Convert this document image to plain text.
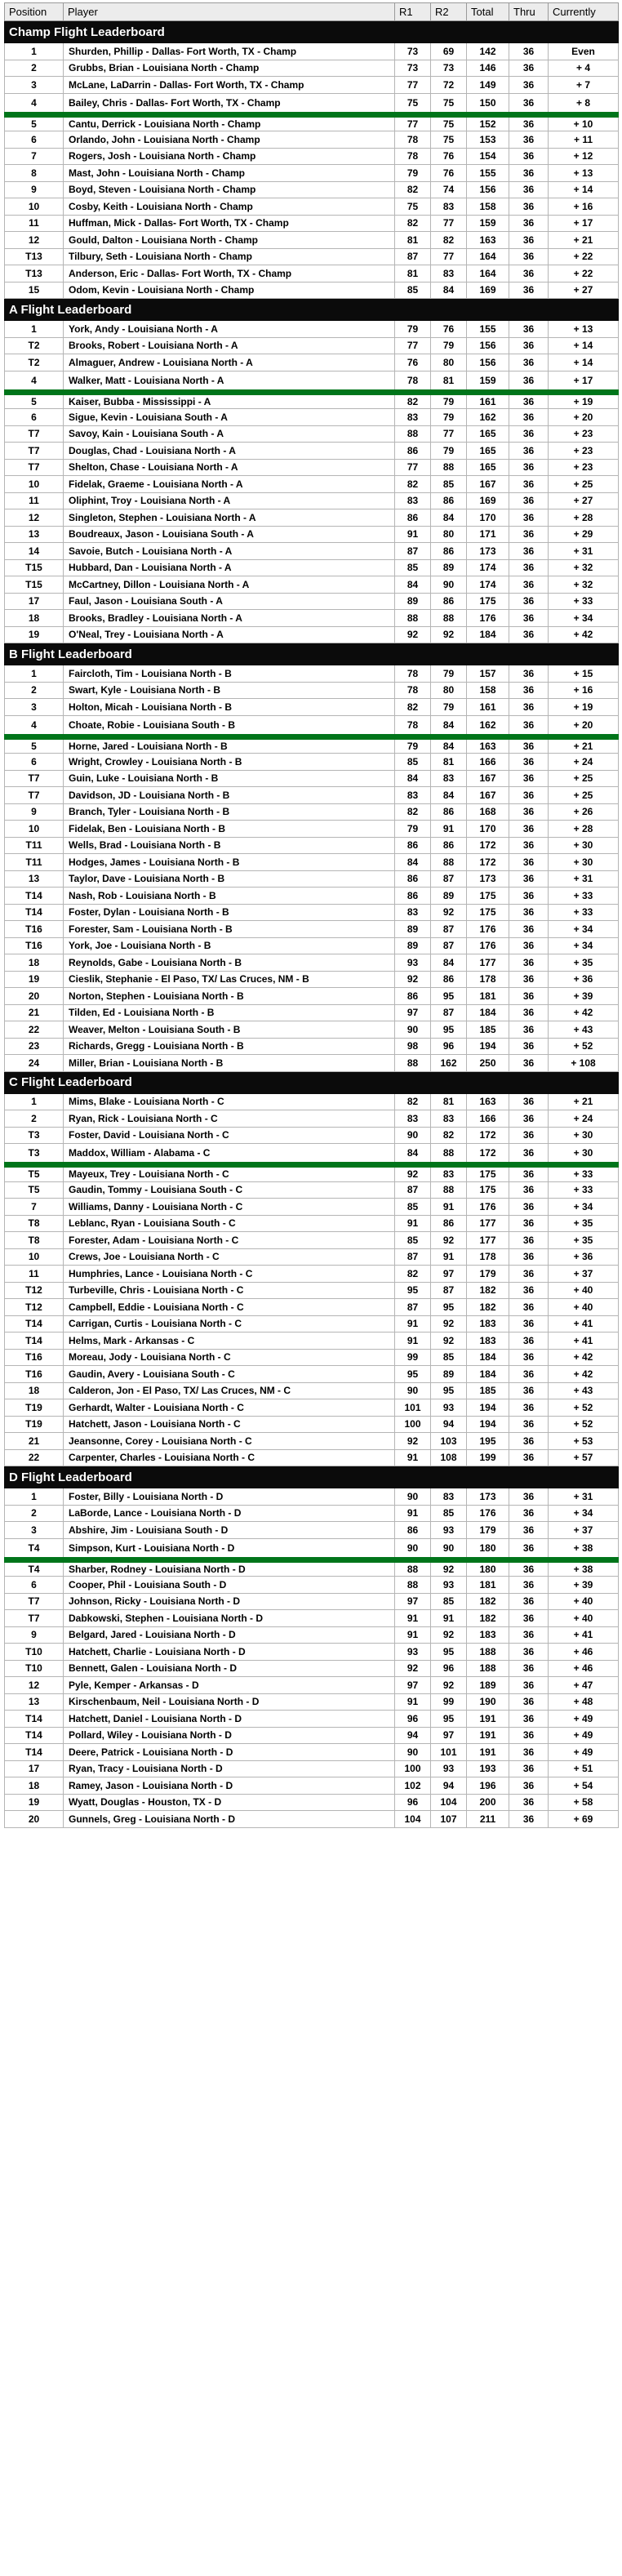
Position	Player	R1	R2	Total	Thru	Currently
Champ Flight Leaderboard						
1	Shurden, Phillip - Dallas- Fort Worth, TX - Champ	73	69	142	36	Even
2	Grubbs, Brian - Louisiana North - Champ	73	73	146	36	+ 4
3	McLane, LaDarrin - Dallas- Fort Worth, TX - Champ	77	72	149	36	+ 7
4	Bailey, Chris - Dallas- Fort Worth, TX - Champ	75	75	150	36	+ 8
5	Cantu, Derrick - Louisiana North - Champ	77	75	152	36	+ 10
6	Orlando, John - Louisiana North - Champ	78	75	153	36	+ 11
7	Rogers, Josh - Louisiana North - Champ	78	76	154	36	+ 12
8	Mast, John - Louisiana North - Champ	79	76	155	36	+ 13
9	Boyd, Steven - Louisiana North - Champ	82	74	156	36	+ 14
10	Cosby, Keith - Louisiana North - Champ	75	83	158	36	+ 16
11	Huffman, Mick - Dallas- Fort Worth, TX - Champ	82	77	159	36	+ 17
12	Gould, Dalton - Louisiana North - Champ	81	82	163	36	+ 21
T13	Tilbury, Seth - Louisiana North - Champ	87	77	164	36	+ 22
T13	Anderson, Eric - Dallas- Fort Worth, TX - Champ	81	83	164	36	+ 22
15	Odom, Kevin - Louisiana North - Champ	85	84	169	36	+ 27
A Flight Leaderboard						
1	York, Andy - Louisiana North - A	79	76	155	36	+ 13
T2	Brooks, Robert - Louisiana North - A	77	79	156	36	+ 14
T2	Almaguer, Andrew - Louisiana North - A	76	80	156	36	+ 14
4	Walker, Matt - Louisiana North - A	78	81	159	36	+ 17
5	Kaiser, Bubba - Mississippi - A	82	79	161	36	+ 19
6	Sigue, Kevin - Louisiana South - A	83	79	162	36	+ 20
T7	Savoy, Kain - Louisiana South - A	88	77	165	36	+ 23
T7	Douglas, Chad - Louisiana North - A	86	79	165	36	+ 23
T7	Shelton, Chase - Louisiana North - A	77	88	165	36	+ 23
10	Fidelak, Graeme - Louisiana North - A	82	85	167	36	+ 25
11	Oliphint, Troy - Louisiana North - A	83	86	169	36	+ 27
12	Singleton, Stephen - Louisiana North - A	86	84	170	36	+ 28
13	Boudreaux, Jason - Louisiana South - A	91	80	171	36	+ 29
14	Savoie, Butch - Louisiana North - A	87	86	173	36	+ 31
T15	Hubbard, Dan - Louisiana North - A	85	89	174	36	+ 32
T15	McCartney, Dillon - Louisiana North - A	84	90	174	36	+ 32
17	Faul, Jason - Louisiana South - A	89	86	175	36	+ 33
18	Brooks, Bradley - Louisiana North - A	88	88	176	36	+ 34
19	O'Neal, Trey - Louisiana North - A	92	92	184	36	+ 42
B Flight Leaderboard						
1	Faircloth, Tim - Louisiana North - B	78	79	157	36	+ 15
2	Swart, Kyle - Louisiana North - B	78	80	158	36	+ 16
3	Holton, Micah - Louisiana North - B	82	79	161	36	+ 19
4	Choate, Robie - Louisiana South - B	78	84	162	36	+ 20
5	Horne, Jared - Louisiana North - B	79	84	163	36	+ 21
6	Wright, Crowley - Louisiana North - B	85	81	166	36	+ 24
T7	Guin, Luke - Louisiana North - B	84	83	167	36	+ 25
T7	Davidson, JD - Louisiana North - B	83	84	167	36	+ 25
9	Branch, Tyler - Louisiana North - B	82	86	168	36	+ 26
10	Fidelak, Ben - Louisiana North - B	79	91	170	36	+ 28
T11	Wells, Brad - Louisiana North - B	86	86	172	36	+ 30
T11	Hodges, James - Louisiana North - B	84	88	172	36	+ 30
13	Taylor, Dave - Louisiana North - B	86	87	173	36	+ 31
T14	Nash, Rob - Louisiana North - B	86	89	175	36	+ 33
T14	Foster, Dylan - Louisiana North - B	83	92	175	36	+ 33
T16	Forester, Sam - Louisiana North - B	89	87	176	36	+ 34
T16	York, Joe - Louisiana North - B	89	87	176	36	+ 34
18	Reynolds, Gabe - Louisiana North - B	93	84	177	36	+ 35
19	Cieslik, Stephanie - El Paso, TX/ Las Cruces, NM - B	92	86	178	36	+ 36
20	Norton, Stephen - Louisiana North - B	86	95	181	36	+ 39
21	Tilden, Ed - Louisiana North - B	97	87	184	36	+ 42
22	Weaver, Melton - Louisiana South - B	90	95	185	36	+ 43
23	Richards, Gregg - Louisiana North - B	98	96	194	36	+ 52
24	Miller, Brian - Louisiana North - B	88	162	250	36	+ 108
C Flight Leaderboard						
1	Mims, Blake - Louisiana North - C	82	81	163	36	+ 21
2	Ryan, Rick - Louisiana North - C	83	83	166	36	+ 24
T3	Foster, David - Louisiana North - C	90	82	172	36	+ 30
T3	Maddox, William - Alabama - C	84	88	172	36	+ 30
T5	Mayeux, Trey - Louisiana North - C	92	83	175	36	+ 33
T5	Gaudin, Tommy - Louisiana South - C	87	88	175	36	+ 33
7	Williams, Danny - Louisiana North - C	85	91	176	36	+ 34
T8	Leblanc, Ryan - Louisiana South - C	91	86	177	36	+ 35
T8	Forester, Adam - Louisiana North - C	85	92	177	36	+ 35
10	Crews, Joe - Louisiana North - C	87	91	178	36	+ 36
11	Humphries, Lance - Louisiana North - C	82	97	179	36	+ 37
T12	Turbeville, Chris - Louisiana North - C	95	87	182	36	+ 40
T12	Campbell, Eddie - Louisiana North - C	87	95	182	36	+ 40
T14	Carrigan, Curtis - Louisiana North - C	91	92	183	36	+ 41
T14	Helms, Mark - Arkansas - C	91	92	183	36	+ 41
T16	Moreau, Jody - Louisiana North - C	99	85	184	36	+ 42
T16	Gaudin, Avery - Louisiana South - C	95	89	184	36	+ 42
18	Calderon, Jon - El Paso, TX/ Las Cruces, NM - C	90	95	185	36	+ 43
T19	Gerhardt, Walter - Louisiana North - C	101	93	194	36	+ 52
T19	Hatchett, Jason - Louisiana North - C	100	94	194	36	+ 52
21	Jeansonne, Corey - Louisiana North - C	92	103	195	36	+ 53
22	Carpenter, Charles - Louisiana North - C	91	108	199	36	+ 57
D Flight Leaderboard						
1	Foster, Billy - Louisiana North - D	90	83	173	36	+ 31
2	LaBorde, Lance - Louisiana North - D	91	85	176	36	+ 34
3	Abshire, Jim - Louisiana South - D	86	93	179	36	+ 37
T4	Simpson, Kurt - Louisiana North - D	90	90	180	36	+ 38
T4	Sharber, Rodney - Louisiana North - D	88	92	180	36	+ 38
6	Cooper, Phil - Louisiana South - D	88	93	181	36	+ 39
T7	Johnson, Ricky - Louisiana North - D	97	85	182	36	+ 40
T7	Dabkowski, Stephen - Louisiana North - D	91	91	182	36	+ 40
9	Belgard, Jared - Louisiana North - D	91	92	183	36	+ 41
T10	Hatchett, Charlie - Louisiana North - D	93	95	188	36	+ 46
T10	Bennett, Galen - Louisiana North - D	92	96	188	36	+ 46
12	Pyle, Kemper - Arkansas - D	97	92	189	36	+ 47
13	Kirschenbaum, Neil - Louisiana North - D	91	99	190	36	+ 48
T14	Hatchett, Daniel - Louisiana North - D	96	95	191	36	+ 49
T14	Pollard, Wiley - Louisiana North - D	94	97	191	36	+ 49
T14	Deere, Patrick - Louisiana North - D	90	101	191	36	+ 49
17	Ryan, Tracy - Louisiana North - D	100	93	193	36	+ 51
18	Ramey, Jason - Louisiana North - D	102	94	196	36	+ 54
19	Wyatt, Douglas - Houston, TX - D	96	104	200	36	+ 58
20	Gunnels, Greg - Louisiana North - D	104	107	211	36	+ 69
